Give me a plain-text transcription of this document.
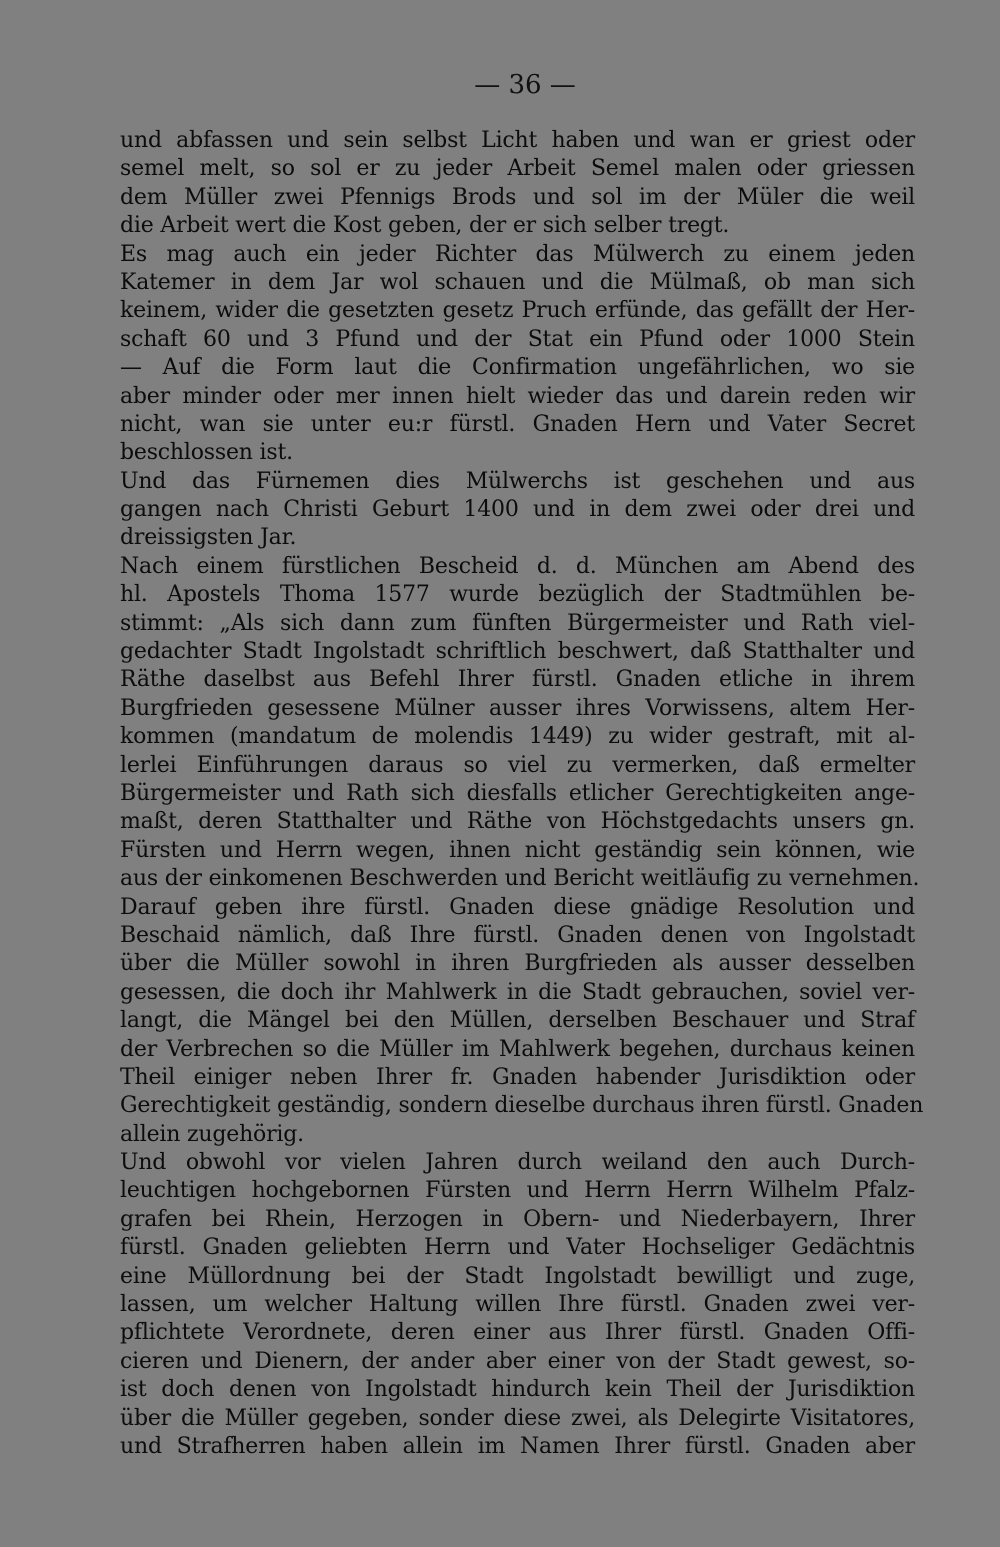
— 36 —
und abfassen und sein selbst Licht haben und wan er griest oder
semel melt, so sol er zu jeder Arbeit Semel malen oder griessen
dem Müller zwei Pfennigs Brods und sol im der Müler die weil
die Arbeit wert die Kost geben, der er sich selber tregt.
Es mag auch ein jeder Richter das Mülwerch zu einem jeden
Katemer in dem Jar wol schauen und die Mülmaß, ob man sich
keinem, wider die gesetzten gesetz Pruch erfünde, das gefällt der Her-
schaft 60 und 3 Pfund und der Stat ein Pfund oder 1000 Stein
— Auf die Form laut die Confirmation ungefährlichen, wo sie
aber minder oder mer innen hielt wieder das und darein reden wir
nicht, wan sie unter eu:r fürstl. Gnaden Hern und Vater Secret
beschlossen ist.
Und das Fürnemen dies Mülwerchs ist geschehen und aus
gangen nach Christi Geburt 1400 und in dem zwei oder drei und
dreissigsten Jar.
Nach einem fürstlichen Bescheid d. d. München am Abend des
hl. Apostels Thoma 1577 wurde bezüglich der Stadtmühlen be-
stimmt: „Als sich dann zum fünften Bürgermeister und Rath viel-
gedachter Stadt Ingolstadt schriftlich beschwert, daß Statthalter und
Räthe daselbst aus Befehl Ihrer fürstl. Gnaden etliche in ihrem
Burgfrieden gesessene Mülner ausser ihres Vorwissens, altem Her-
kommen (mandatum de molendis 1449) zu wider gestraft, mit al-
lerlei Einführungen daraus so viel zu vermerken, daß ermelter
Bürgermeister und Rath sich diesfalls etlicher Gerechtigkeiten ange-
maßt, deren Statthalter und Räthe von Höchstgedachts unsers gn.
Fürsten und Herrn wegen, ihnen nicht geständig sein können, wie
aus der einkomenen Beschwerden und Bericht weitläufig zu vernehmen.
Darauf geben ihre fürstl. Gnaden diese gnädige Resolution und
Beschaid nämlich, daß Ihre fürstl. Gnaden denen von Ingolstadt
über die Müller sowohl in ihren Burgfrieden als ausser desselben
gesessen, die doch ihr Mahlwerk in die Stadt gebrauchen, soviel ver-
langt, die Mängel bei den Müllen, derselben Beschauer und Straf
der Verbrechen so die Müller im Mahlwerk begehen, durchaus keinen
Theil einiger neben Ihrer fr. Gnaden habender Jurisdiktion oder
Gerechtigkeit geständig, sondern dieselbe durchaus ihren fürstl. Gnaden
allein zugehörig.
Und obwohl vor vielen Jahren durch weiland den auch Durch-
leuchtigen hochgebornen Fürsten und Herrn Herrn Wilhelm Pfalz-
grafen bei Rhein, Herzogen in Obern- und Niederbayern, Ihrer
fürstl. Gnaden geliebten Herrn und Vater Hochseliger Gedächtnis
eine Müllordnung bei der Stadt Ingolstadt bewilligt und zuge,
lassen, um welcher Haltung willen Ihre fürstl. Gnaden zwei ver-
pflichtete Verordnete, deren einer aus Ihrer fürstl. Gnaden Offi-
cieren und Dienern, der ander aber einer von der Stadt gewest, so-
ist doch denen von Ingolstadt hindurch kein Theil der Jurisdiktion
über die Müller gegeben, sonder diese zwei, als Delegirte Visitatores,
und Strafherren haben allein im Namen Ihrer fürstl. Gnaden aber
